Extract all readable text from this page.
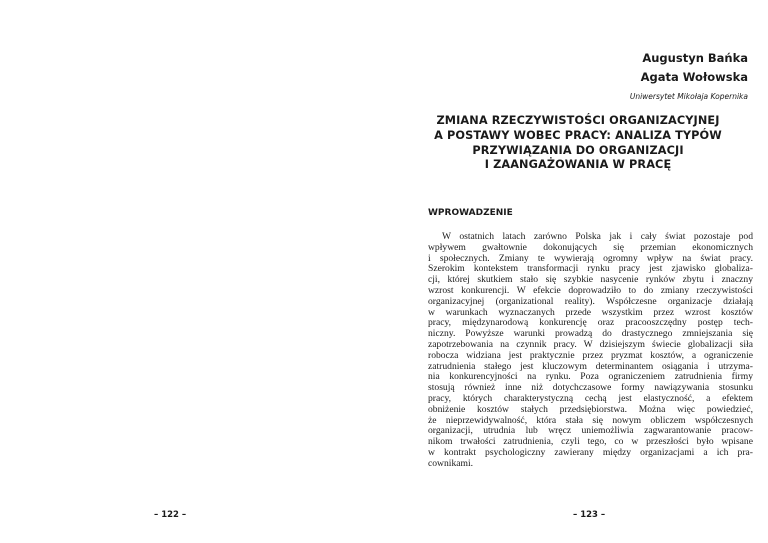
– 122 –
Augustyn Bańka
Agata Wołowska
Uniwersytet Mikołaja Kopernika
ZMIANA RZECZYWISTOŚCI ORGANIZACYJNEJ
A POSTAWY WOBEC PRACY: ANALIZA TYPÓW
PRZYWIĄZANIA DO ORGANIZACJI
I ZAANGAŻOWANIA W PRACĘ
WPROWADZENIE
W ostatnich latach zarówno Polska jak i cały świat pozostaje pod
wpływem gwałtownie dokonujących się przemian ekonomicznych
i społecznych. Zmiany te wywierają ogromny wpływ na świat pracy.
Szerokim kontekstem transformacji rynku pracy jest zjawisko globaliza-
cji, której skutkiem stało się szybkie nasycenie rynków zbytu i znaczny
wzrost konkurencji. W efekcie doprowadziło to do zmiany rzeczywistości
organizacyjnej (organizational reality). Współczesne organizacje działają
w warunkach wyznaczanych przede wszystkim przez wzrost kosztów
pracy, międzynarodową konkurencję oraz pracooszczędny postęp tech-
niczny. Powyższe warunki prowadzą do drastycznego zmniejszania się
zapotrzebowania na czynnik pracy. W dzisiejszym świecie globalizacji siła
robocza widziana jest praktycznie przez pryzmat kosztów, a ograniczenie
zatrudnienia stałego jest kluczowym determinantem osiągania i utrzyma-
nia konkurencyjności na rynku. Poza ograniczeniem zatrudnienia firmy
stosują również inne niż dotychczasowe formy nawiązywania stosunku
pracy, których charakterystyczną cechą jest elastyczność, a efektem
obniżenie kosztów stałych przedsiębiorstwa. Można więc powiedzieć,
że nieprzewidywalność, która stała się nowym obliczem współczesnych
organizacji, utrudnia lub wręcz uniemożliwia zagwarantowanie pracow-
nikom trwałości zatrudnienia, czyli tego, co w przeszłości było wpisane
w kontrakt psychologiczny zawierany między organizacjami a ich pra-
cownikami.
– 123 –
